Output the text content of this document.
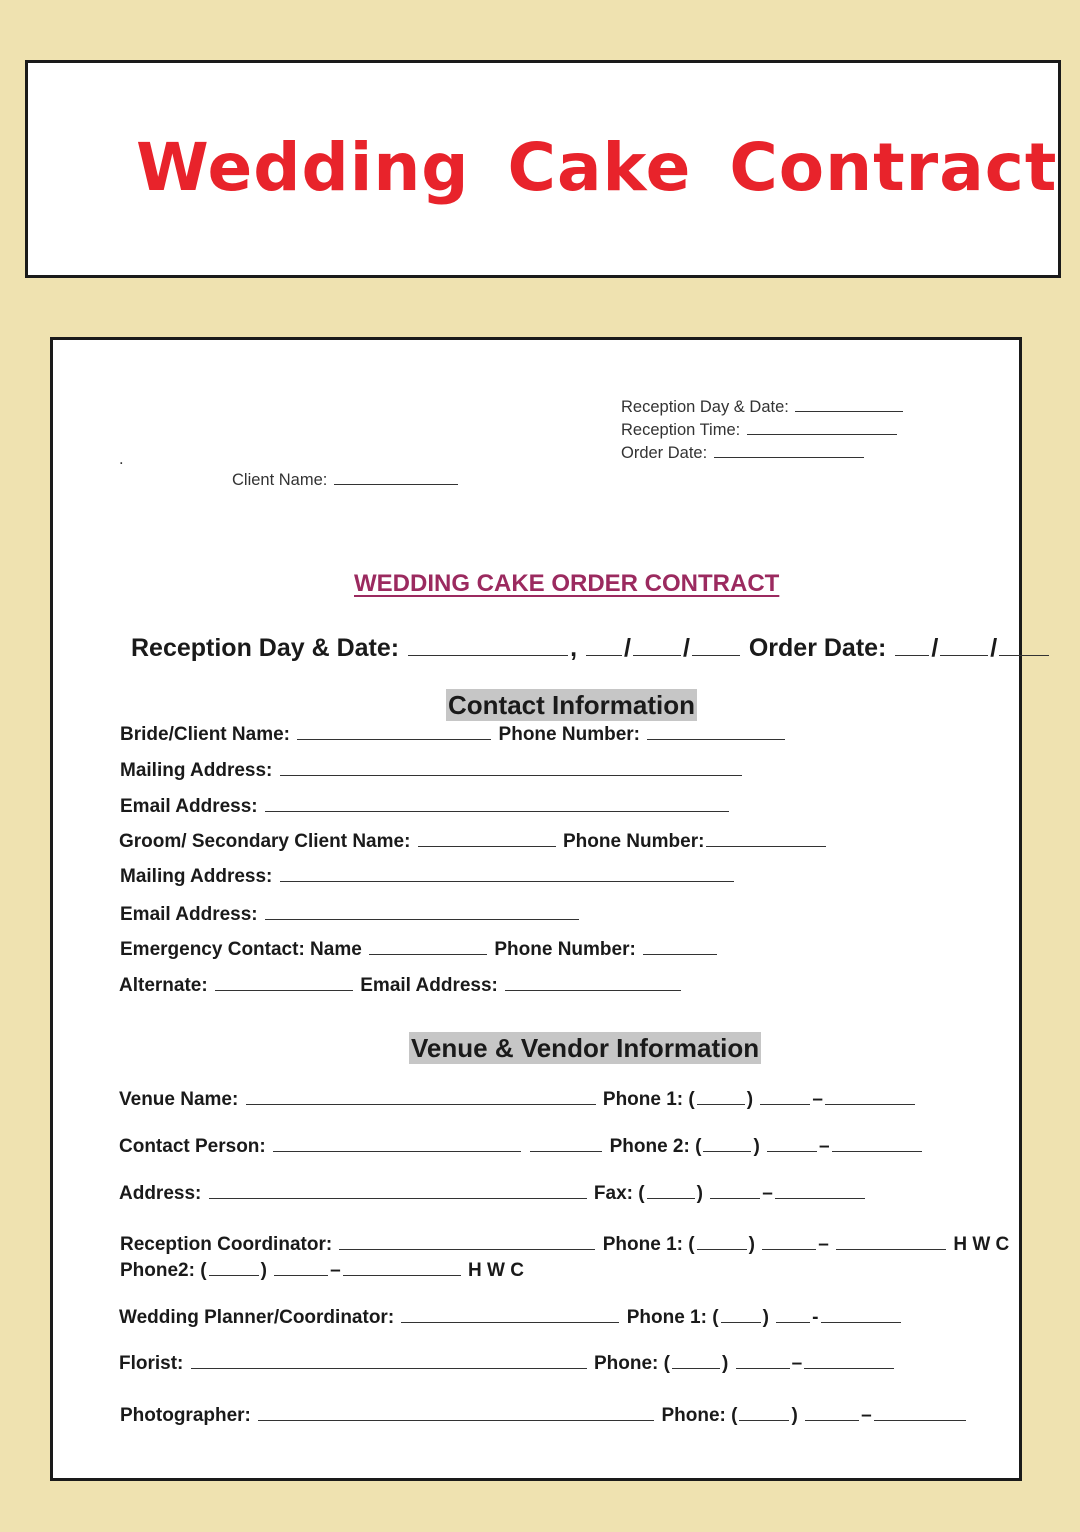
Wedding Cake Contract
Reception Day & Date:
Reception Time:
Order Date:
.
Client Name:
WEDDING CAKE ORDER CONTRACT
Reception Day & Date:	, / / Order Date: / /
Contact Information
Bride/Client Name:	Phone Number:
Mailing Address:
Email Address:
Groom/ Secondary Client Name:	Phone Number:
Mailing Address:
Email Address:
Emergency Contact: Name	Phone Number:
Alternate:	Email Address:
Venue & Vendor Information
Venue Name:	Phone 1: (	)	–
Contact Person:	Phone 2: (	)	–
Address:	Fax: (	)	–
Reception Coordinator:	Phone 1: (	)	–	H W C
Phone2: (	)	–	H W C
Wedding Planner/Coordinator:	Phone 1: ( ) -
Florist:	Phone: (	)	–
Photographer:	Phone: (	)	–
